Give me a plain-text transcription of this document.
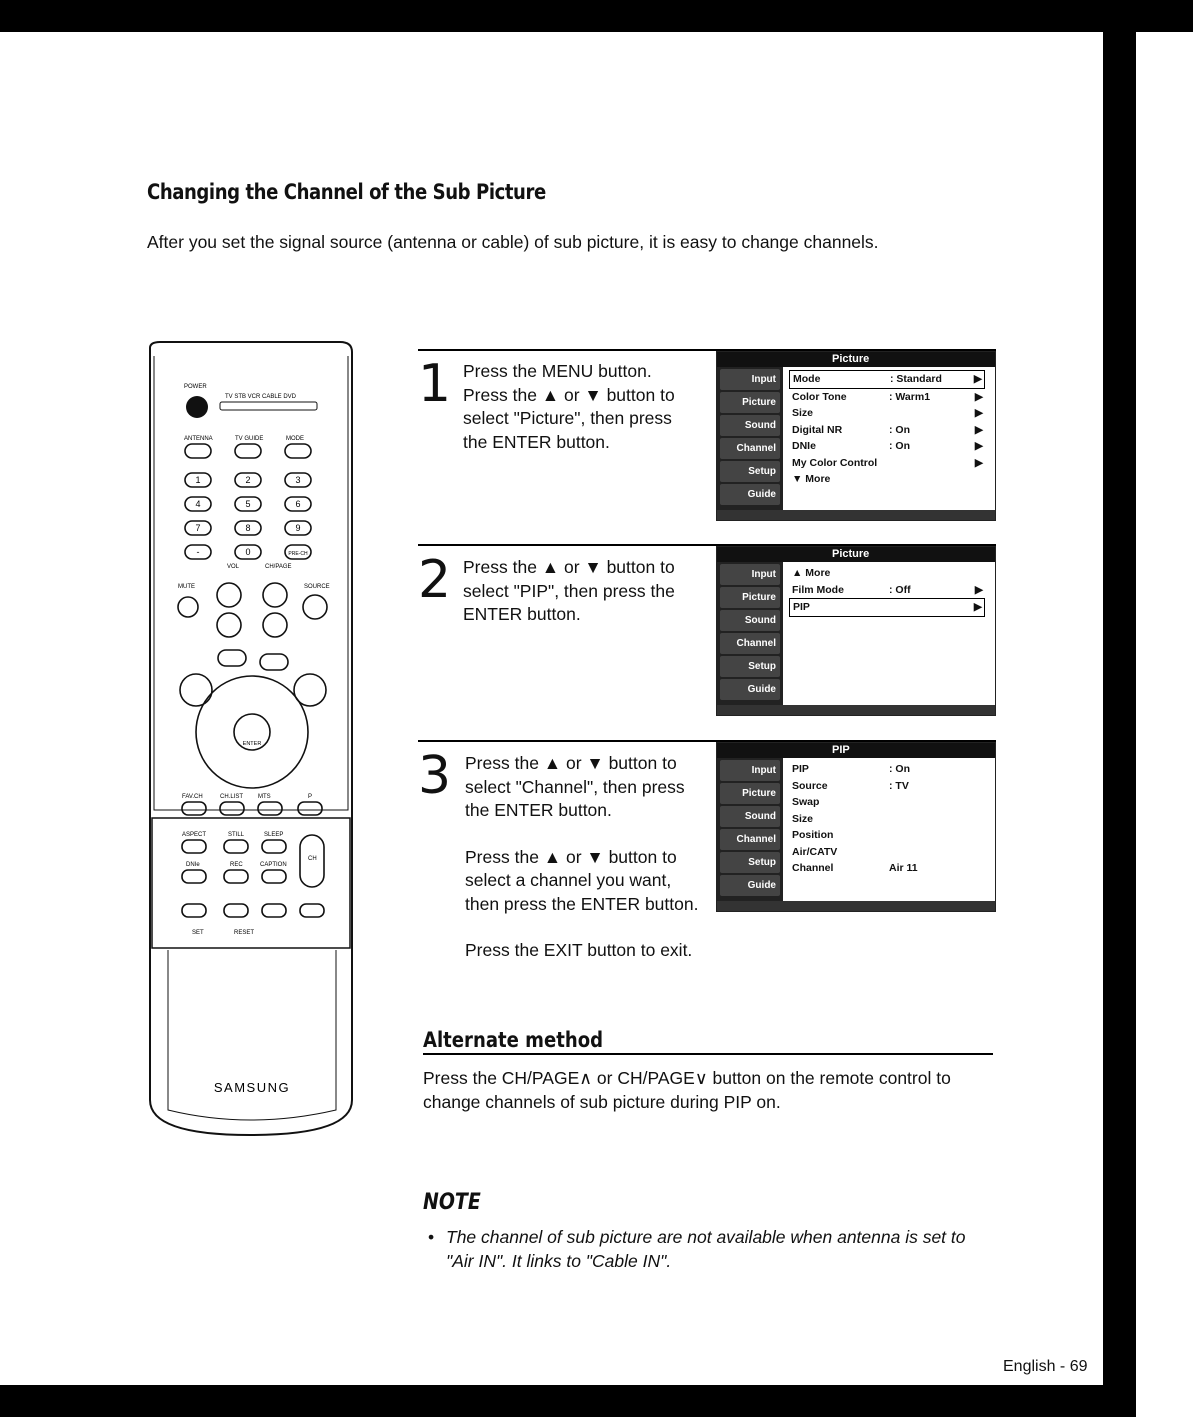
Changing the Channel of the Sub Picture
After you set the signal source (antenna or cable) of sub picture, it is easy to change channels.
POWER
TV STB VCR CABLE DVD
ANTENNA	TV GUIDE	MODE
1	2	3
4	5	6
7	8	9
-	0	PRE-CH
VOL	CH/PAGE
MUTE	SOURCE
ENTER
FAV.CH	CH.LIST MTS	P
ASPECT	STILL	SLEEP
DNIe	REC	CAPTION
CH
SET	RESET
SAMSUNG
1 Press the MENU button.

Press the ▲ or ▼ button to

select "Picture", then press

the ENTER button.

Picture
Input
Picture
Sound
Channel
Setup
Guide
Mode	: Standard	▶
Color Tone	: Warm1	▶
Size	▶
Digital NR	: On	▶
DNIe	: On	▶
My Color Control	▶
▼ More
2 Press the ▲ or ▼ button to

select "PIP", then press the

ENTER button.

Picture
Input
Picture
Sound
Channel
Setup
Guide
▲ More
Film Mode	: Off	▶
PIP	▶
3 Press the ▲ or ▼ button to

select "Channel", then press

the ENTER button.

Press the ▲ or ▼ button to

select a channel you want,

then press the ENTER button.

Press the EXIT button to exit.

PIP
Input
Picture
Sound
Channel
Setup
Guide
PIP	: On
Source	: TV
Swap
Size
Position
Air/CATV
Channel	Air 11
Alternate method
Press the CH/PAGE∧ or CH/PAGE∨ button on the remote control to change channels of sub picture during PIP on.
NOTE
• The channel of sub picture are not available when antenna is set to "Air IN". It links to "Cable IN".
English - 69
